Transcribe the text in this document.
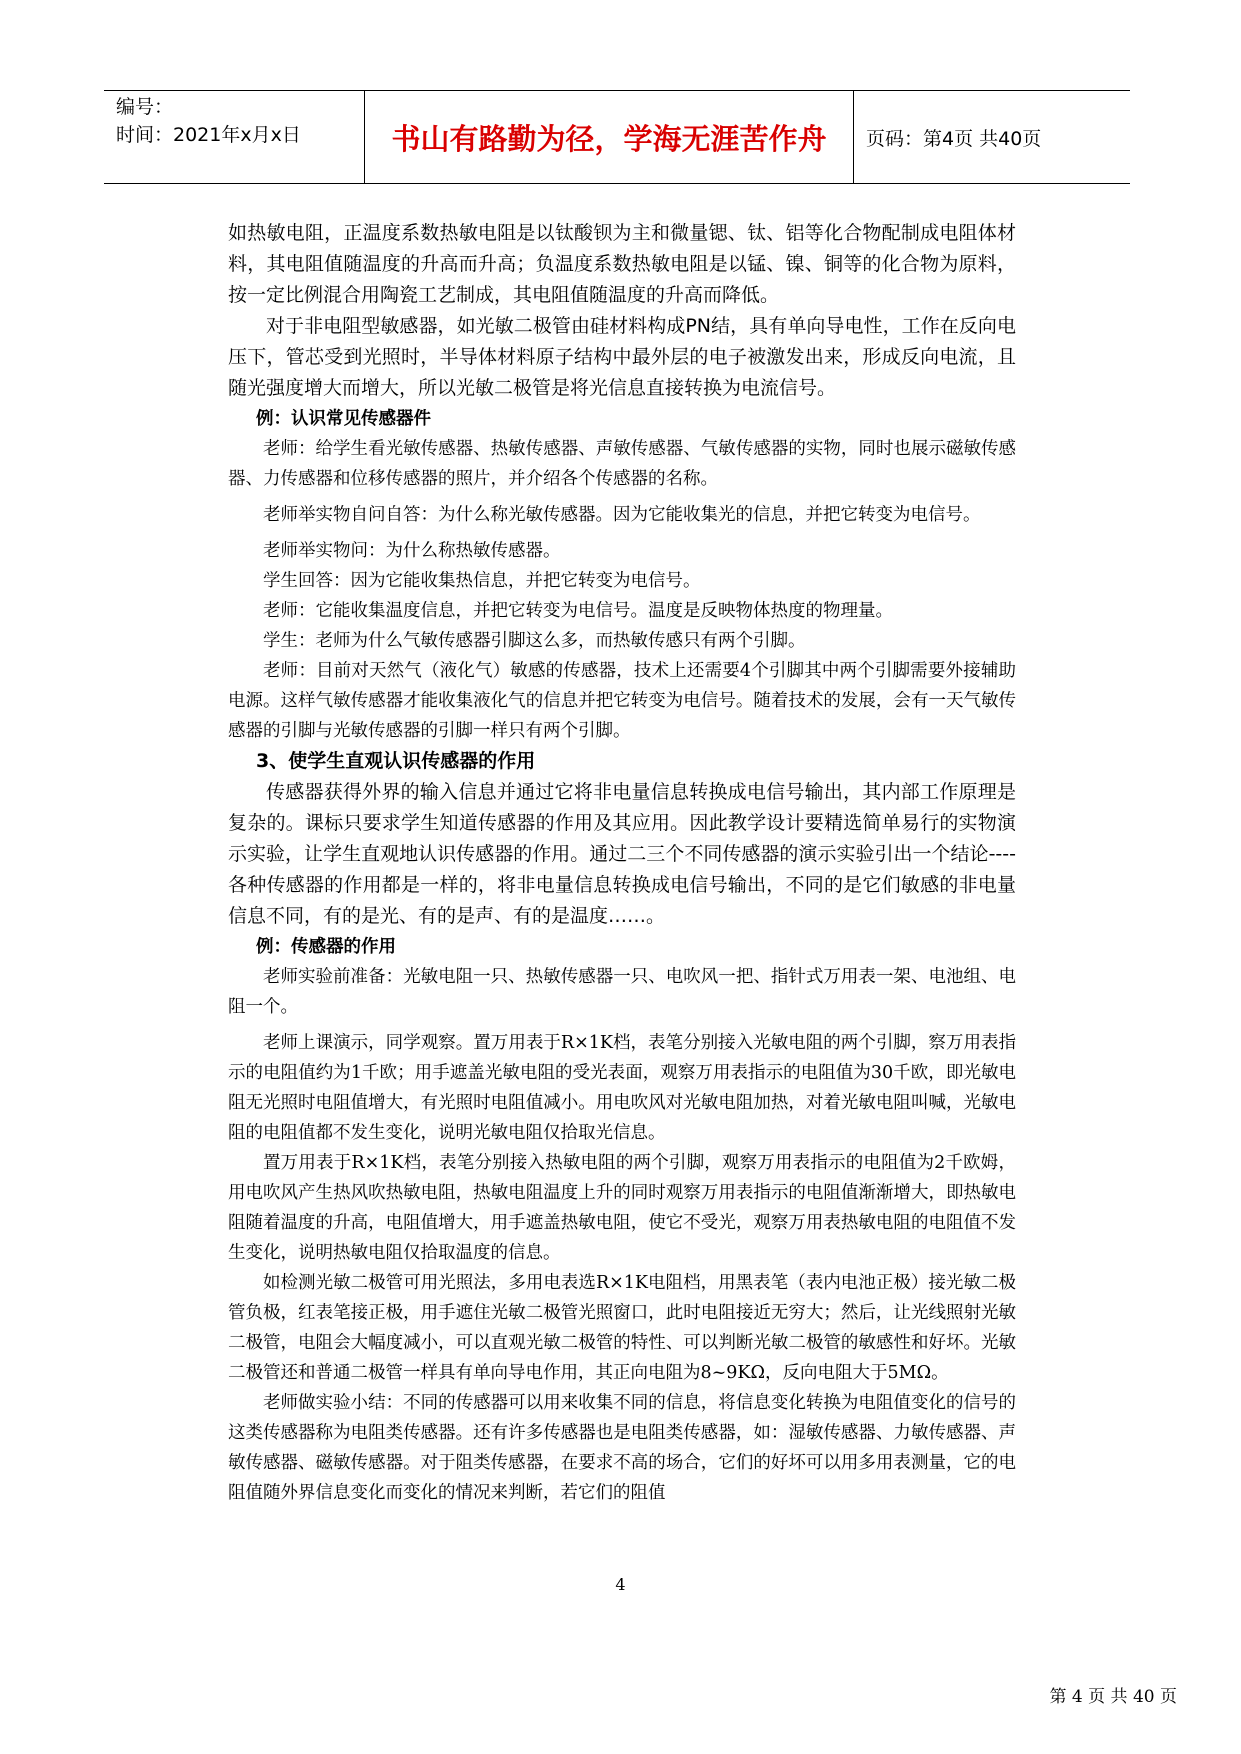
编号：
时间：2021年x月x日	书山有路勤为径，学海无涯苦作舟	页码：第4页 共40页

如热敏电阻，正温度系数热敏电阻是以钛酸钡为主和微量锶、钛、铝等化合物配制成电阻体材料，其电阻值随温度的升高而升高；负温度系数热敏电阻是以锰、镍、铜等的化合物为原料，按一定比例混合用陶瓷工艺制成，其电阻值随温度的升高而降低。

对于非电阻型敏感器，如光敏二极管由硅材料构成PN结，具有单向导电性，工作在反向电压下，管芯受到光照时，半导体材料原子结构中最外层的电子被激发出来，形成反向电流，且随光强度增大而增大，所以光敏二极管是将光信息直接转换为电流信号。

例：认识常见传感器件

老师：给学生看光敏传感器、热敏传感器、声敏传感器、气敏传感器的实物，同时也展示磁敏传感器、力传感器和位移传感器的照片，并介绍各个传感器的名称。

老师举实物自问自答：为什么称光敏传感器。因为它能收集光的信息，并把它转变为电信号。

老师举实物问：为什么称热敏传感器。

学生回答：因为它能收集热信息，并把它转变为电信号。

老师：它能收集温度信息，并把它转变为电信号。温度是反映物体热度的物理量。

学生：老师为什么气敏传感器引脚这么多，而热敏传感只有两个引脚。

老师：目前对天然气（液化气）敏感的传感器，技术上还需要4个引脚其中两个引脚需要外接辅助电源。这样气敏传感器才能收集液化气的信息并把它转变为电信号。随着技术的发展，会有一天气敏传感器的引脚与光敏传感器的引脚一样只有两个引脚。

3、使学生直观认识传感器的作用

传感器获得外界的输入信息并通过它将非电量信息转换成电信号输出，其内部工作原理是复杂的。课标只要求学生知道传感器的作用及其应用。因此教学设计要精选简单易行的实物演示实验，让学生直观地认识传感器的作用。通过二三个不同传感器的演示实验引出一个结论----各种传感器的作用都是一样的，将非电量信息转换成电信号输出，不同的是它们敏感的非电量信息不同，有的是光、有的是声、有的是温度……。

例：传感器的作用

老师实验前准备：光敏电阻一只、热敏传感器一只、电吹风一把、指针式万用表一架、电池组、电阻一个。

老师上课演示，同学观察。置万用表于R×1K档，表笔分别接入光敏电阻的两个引脚，察万用表指示的电阻值约为1千欧；用手遮盖光敏电阻的受光表面，观察万用表指示的电阻值为30千欧，即光敏电阻无光照时电阻值增大，有光照时电阻值减小。用电吹风对光敏电阻加热，对着光敏电阻叫喊，光敏电阻的电阻值都不发生变化，说明光敏电阻仅拾取光信息。

置万用表于R×1K档，表笔分别接入热敏电阻的两个引脚，观察万用表指示的电阻值为2千欧姆，用电吹风产生热风吹热敏电阻，热敏电阻温度上升的同时观察万用表指示的电阻值渐渐增大，即热敏电阻随着温度的升高，电阻值增大，用手遮盖热敏电阻，使它不受光，观察万用表热敏电阻的电阻值不发生变化，说明热敏电阻仅拾取温度的信息。

如检测光敏二极管可用光照法，多用电表选R×1K电阻档，用黑表笔（表内电池正极）接光敏二极管负极，红表笔接正极，用手遮住光敏二极管光照窗口，此时电阻接近无穷大；然后，让光线照射光敏二极管，电阻会大幅度减小，可以直观光敏二极管的特性、可以判断光敏二极管的敏感性和好坏。光敏二极管还和普通二极管一样具有单向导电作用，其正向电阻为8~9KΩ，反向电阻大于5MΩ。

老师做实验小结：不同的传感器可以用来收集不同的信息，将信息变化转换为电阻值变化的信号的这类传感器称为电阻类传感器。还有许多传感器也是电阻类传感器，如：湿敏传感器、力敏传感器、声敏传感器、磁敏传感器。对于阻类传感器，在要求不高的场合，它们的好坏可以用多用表测量，它的电阻值随外界信息变化而变化的情况来判断，若它们的阻值

4
第 4 页 共 40 页
